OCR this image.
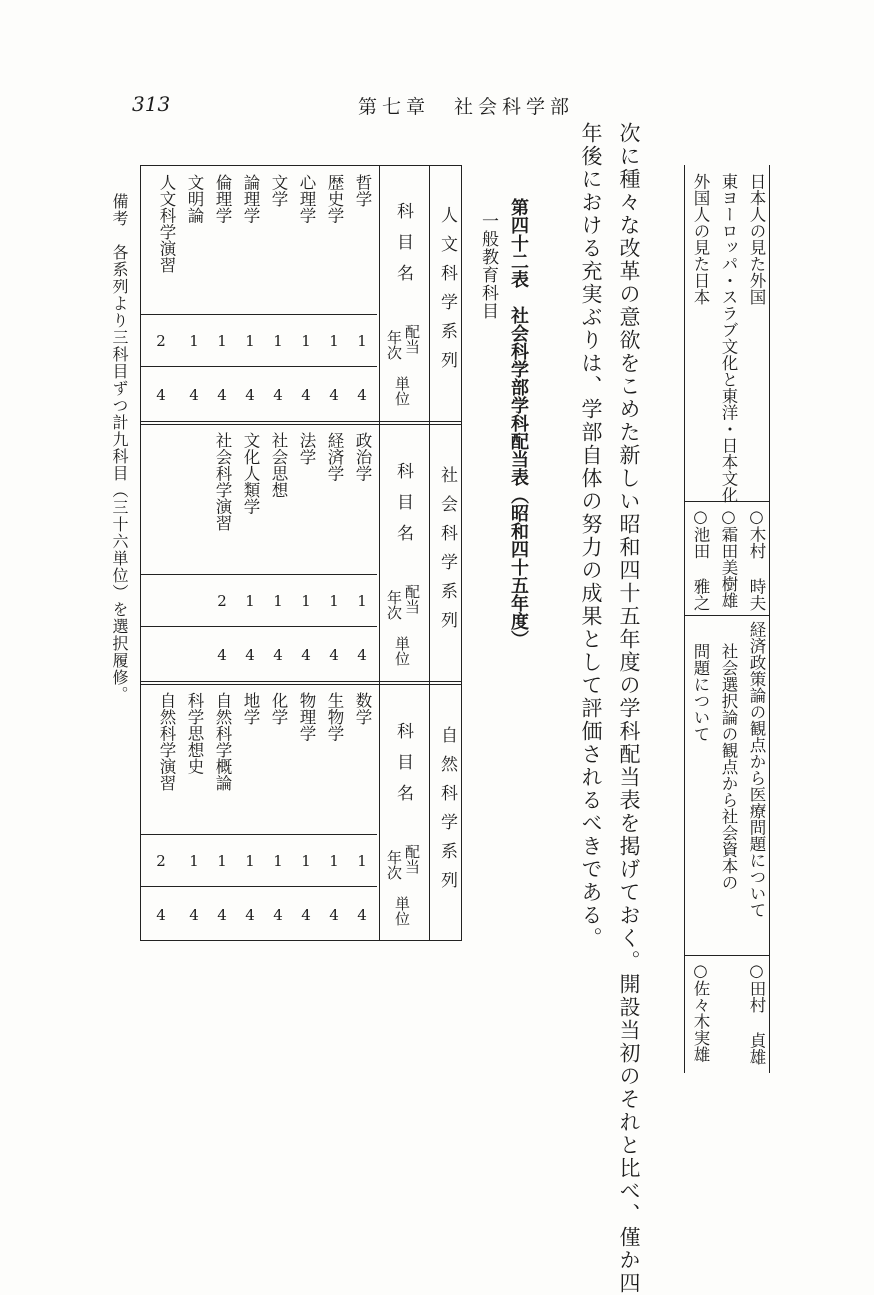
313	第七章　社会科学部
日本人の見た外国
○木村 時夫
経済政策論の観点から医療問題について
○田村 貞雄
東ヨーロッパ・スラブ文化と東洋・日本文化
○霜田美樹雄
社会選択論の観点から社会資本の
外国人の見た日本
○池田 雅之
問題について
○佐々木実雄
次に種々な改革の意欲をこめた新しい昭和四十五年度の学科配当表を掲げておく。開設当初のそれと比べ、僅か四
年後における充実ぶりは、学部自体の努力の成果として評価されるべきである。
第四十二表　社会科学部学科配当表（昭和四十五年度）
一般教育科目
人文科学系列
科目名
配当
年次
単位
哲学
歴史学
心理学
文学
論理学
倫理学
文明論
人文科学演習
1
1
1
1
1
1
1
2
4
4
4
4
4
4
4
4
社会科学系列
科目名
配当
年次
単位
政治学
経済学
法学
社会思想
文化人類学
社会科学演習
1
1
1
1
1
2
4
4
4
4
4
4
自然科学系列
科目名
配当
年次
単位
数学
生物学
物理学
化学
地学
自然科学概論
科学思想史
自然科学演習
1
1
1
1
1
1
1
2
4
4
4
4
4
4
4
4
備考　各系列より三科目ずつ計九科目（三十六単位）を選択履修。
